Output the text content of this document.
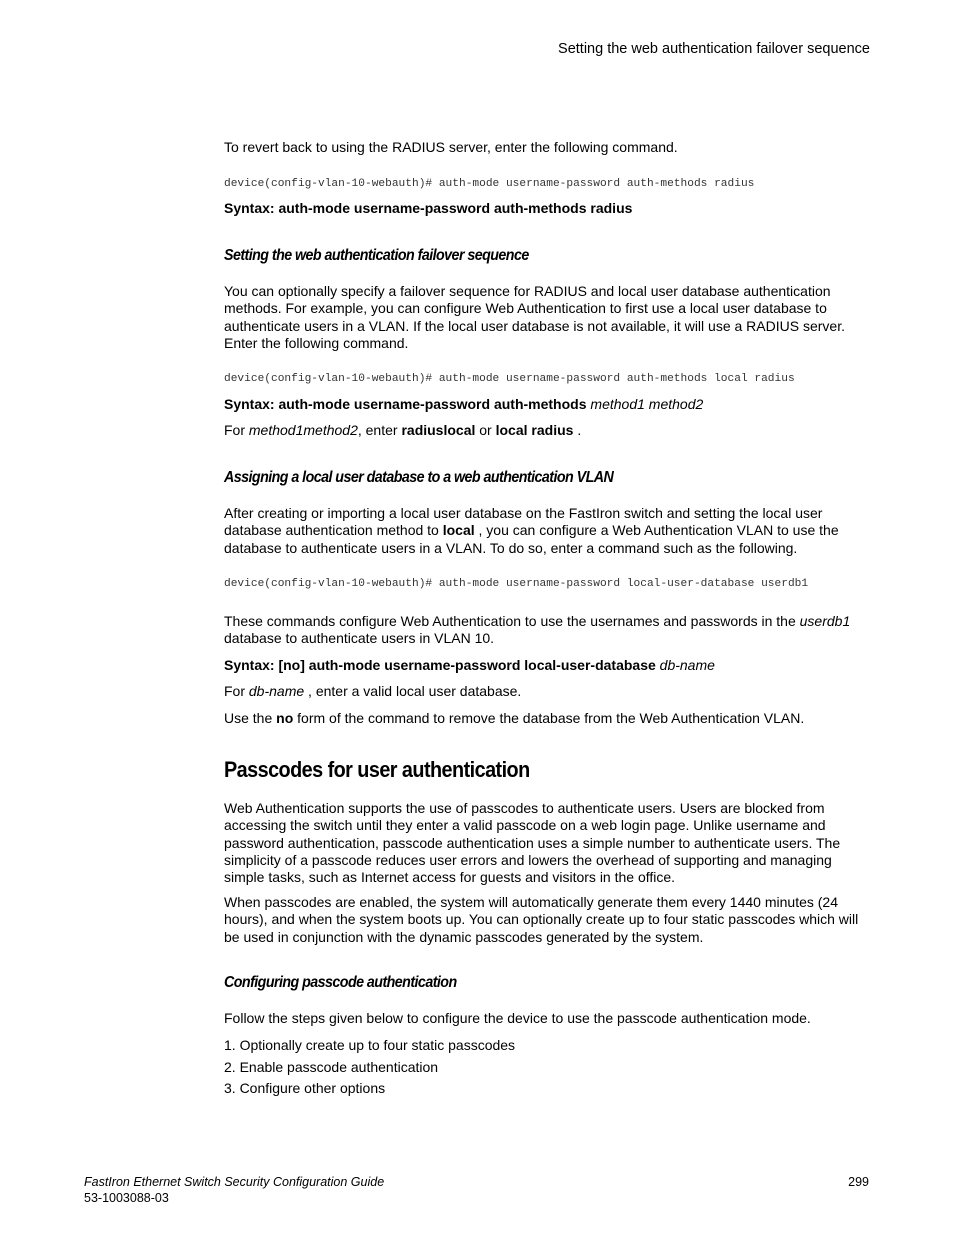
Setting the web authentication failover sequence

To revert back to using the RADIUS server, enter the following command.

device(config-vlan-10-webauth)# auth-mode username-password auth-methods radius

Syntax: auth-mode username-password auth-methods radius

Setting the web authentication failover sequence

You can optionally specify a failover sequence for RADIUS and local user database authentication methods. For example, you can configure Web Authentication to first use a local user database to authenticate users in a VLAN. If the local user database is not available, it will use a RADIUS server. Enter the following command.

device(config-vlan-10-webauth)# auth-mode username-password auth-methods local radius

Syntax: auth-mode username-password auth-methods method1 method2

For method1method2, enter radiuslocal or local radius .

Assigning a local user database to a web authentication VLAN

After creating or importing a local user database on the FastIron switch and setting the local user database authentication method to local , you can configure a Web Authentication VLAN to use the database to authenticate users in a VLAN. To do so, enter a command such as the following.

device(config-vlan-10-webauth)# auth-mode username-password local-user-database userdb1

These commands configure Web Authentication to use the usernames and passwords in the userdb1 database to authenticate users in VLAN 10.

Syntax: [no] auth-mode username-password local-user-database db-name

For db-name , enter a valid local user database.

Use the no form of the command to remove the database from the Web Authentication VLAN.

Passcodes for user authentication

Web Authentication supports the use of passcodes to authenticate users. Users are blocked from accessing the switch until they enter a valid passcode on a web login page. Unlike username and password authentication, passcode authentication uses a simple number to authenticate users. The simplicity of a passcode reduces user errors and lowers the overhead of supporting and managing simple tasks, such as Internet access for guests and visitors in the office.

When passcodes are enabled, the system will automatically generate them every 1440 minutes (24 hours), and when the system boots up. You can optionally create up to four static passcodes which will be used in conjunction with the dynamic passcodes generated by the system.

Configuring passcode authentication

Follow the steps given below to configure the device to use the passcode authentication mode.

1. Optionally create up to four static passcodes
2. Enable passcode authentication
3. Configure other options
FastIron Ethernet Switch Security Configuration Guide
53-1003088-03
299
